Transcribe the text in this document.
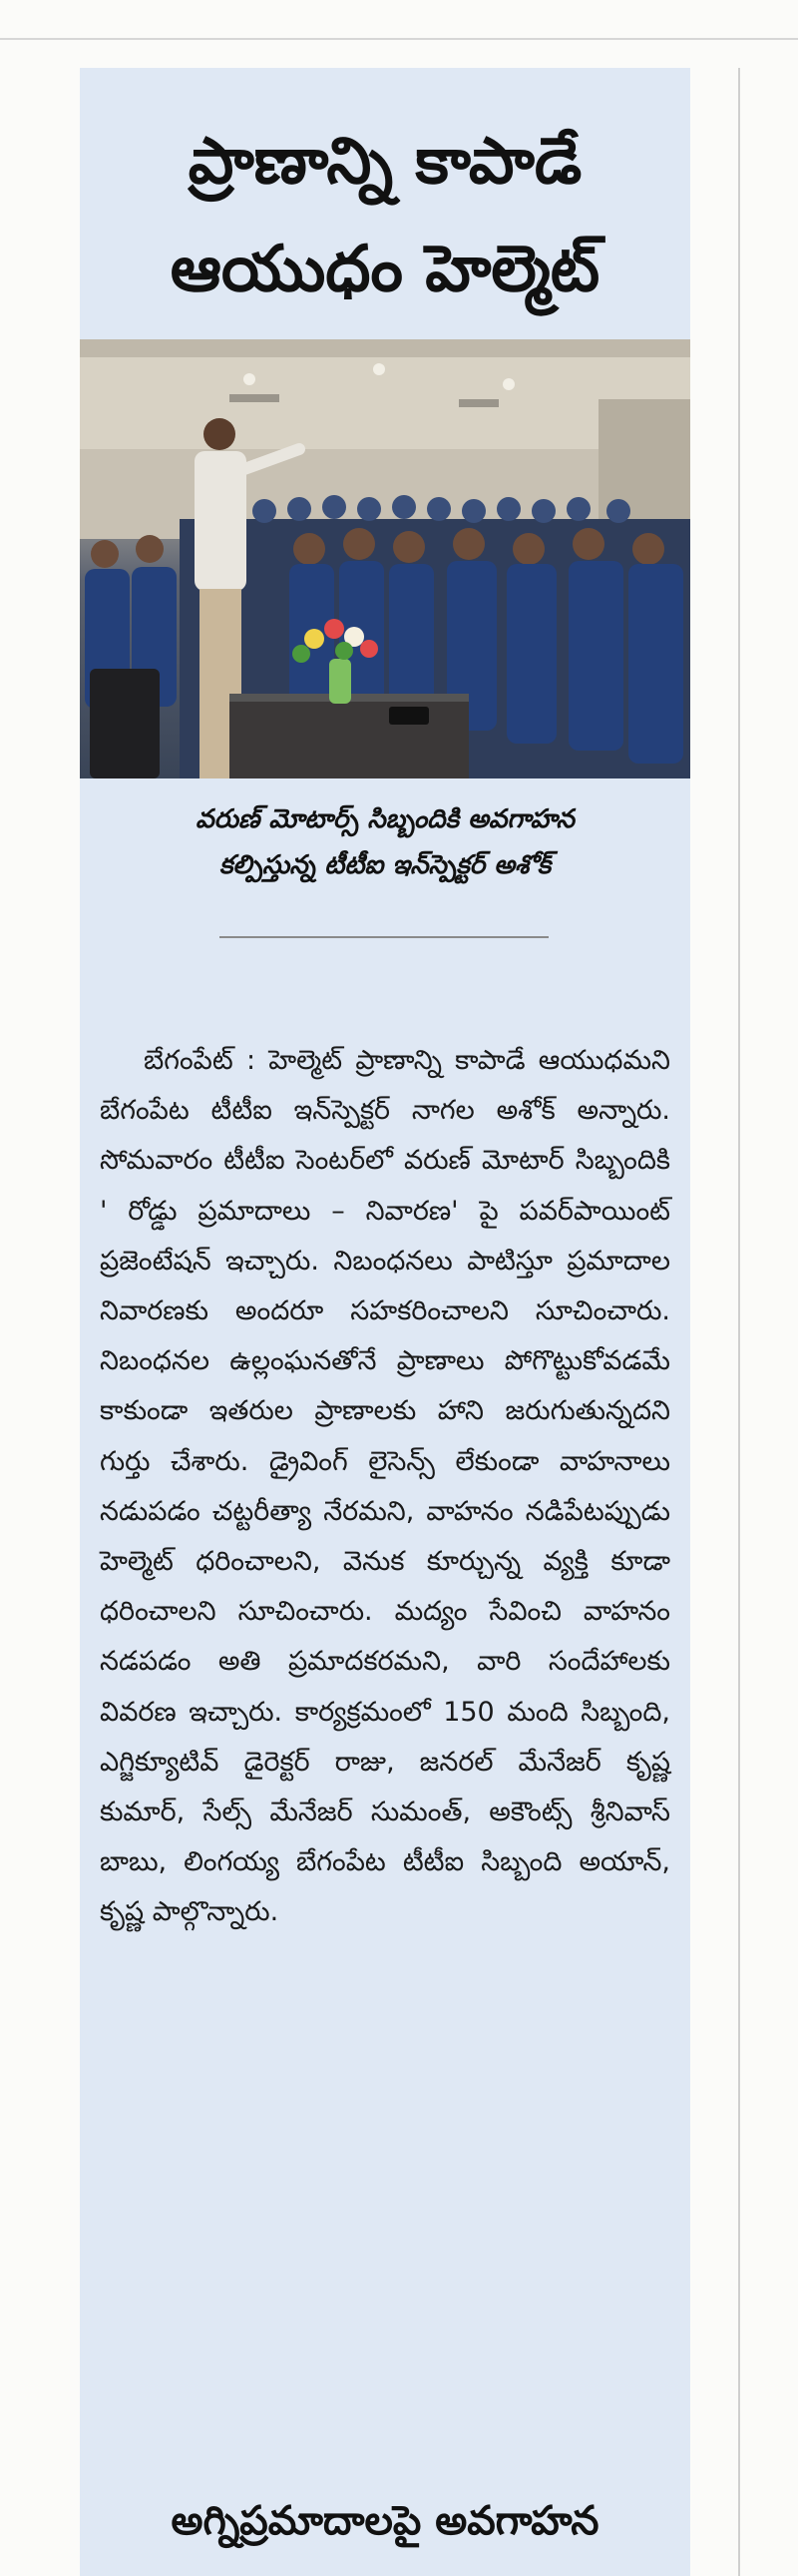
ప్రాణాన్ని కాపాడే
ఆయుధం హెల్మెట్
వరుణ్ మోటార్స్ సిబ్బందికి అవగాహన
కల్పిస్తున్న టీటీఐ ఇన్‌స్పెక్టర్ అశోక్
బేగంపేట్ : హెల్మెట్ ప్రాణాన్ని కాపాడే ఆయుధమని బేగంపేట టీటీఐ ఇన్‌స్పెక్టర్ నాగల అశోక్ అన్నారు. సోమవారం టీటీఐ సెంటర్‌లో వరుణ్ మోటార్ సిబ్బందికి ' రోడ్డు ప్రమాదాలు – నివారణ' పై పవర్‌పాయింట్ ప్రజెంటేషన్ ఇచ్చారు. నిబంధనలు పాటిస్తూ ప్రమాదాల నివారణకు అందరూ సహకరించాలని సూచించారు. నిబంధనల ఉల్లంఘనతోనే ప్రాణాలు పోగొట్టుకోవడమే కాకుండా ఇతరుల ప్రాణాలకు హాని జరుగుతున్నదని గుర్తు చేశారు. డ్రైవింగ్ లైసెన్స్ లేకుండా వాహనాలు నడుపడం చట్టరీత్యా నేరమని, వాహనం నడిపేటప్పుడు హెల్మెట్ ధరించాలని, వెనుక కూర్చున్న వ్యక్తి కూడా ధరించాలని సూచించారు. మద్యం సేవించి వాహనం నడపడం అతి ప్రమాదకరమని, వారి సందేహాలకు వివరణ ఇచ్చారు. కార్యక్రమంలో 150 మంది సిబ్బంది, ఎగ్జిక్యూటివ్ డైరెక్టర్ రాజు, జనరల్ మేనేజర్ కృష్ణ కుమార్, సేల్స్ మేనేజర్ సుమంత్, అకౌంట్స్ శ్రీనివాస్ బాబు, లింగయ్య బేగంపేట టీటీఐ సిబ్బంది అయాన్, కృష్ణ పాల్గొన్నారు.
అగ్నిప్రమాదాలపై అవగాహన
